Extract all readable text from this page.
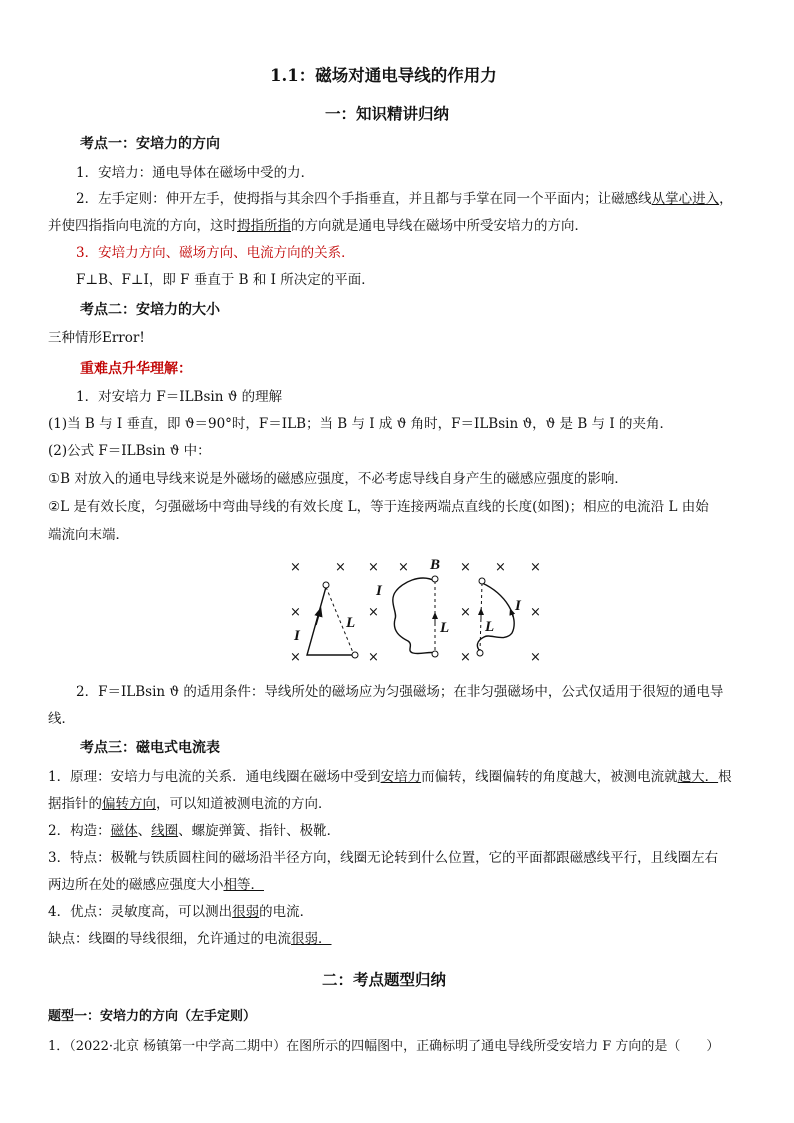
1.1：磁场对通电导线的作用力
一：知识精讲归纳
考点一：安培力的方向
1．安培力：通电导体在磁场中受的力．
2．左手定则：伸开左手，使拇指与其余四个手指垂直，并且都与手掌在同一个平面内；让磁感线从掌心进入，
并使四指指向电流的方向，这时拇指所指的方向就是通电导线在磁场中所受安培力的方向．
3．安培力方向、磁场方向、电流方向的关系．
F⊥B、F⊥I，即 F 垂直于 B 和 I 所决定的平面．
考点二：安培力的大小
三种情形Error!
重难点升华理解：
1．对安培力 F＝ILBsin ϑ 的理解
(1)当 B 与 I 垂直，即 ϑ＝90°时，F＝ILB；当 B 与 I 成 ϑ 角时，F＝ILBsin ϑ，ϑ 是 B 与 I 的夹角．
(2)公式 F＝ILBsin ϑ 中：
①B 对放入的通电导线来说是外磁场的磁感应强度，不必考虑导线自身产生的磁感应强度的影响．
②L 是有效长度，匀强磁场中弯曲导线的有效长度 L，等于连接两端点直线的长度(如图)；相应的电流沿 L 由始
端流向末端．
×	× × ×	× × ×
×	×	×	×
×	×	×	×
I
L
B
I
L
I
L
2．F＝ILBsin ϑ 的适用条件：导线所处的磁场应为匀强磁场；在非匀强磁场中，公式仅适用于很短的通电导
线．
考点三：磁电式电流表
1．原理：安培力与电流的关系．通电线圈在磁场中受到安培力而偏转，线圈偏转的角度越大，被测电流就越大．根
据指针的偏转方向，可以知道被测电流的方向．
2．构造：磁体、线圈、螺旋弹簧、指针、极靴．
3．特点：极靴与铁质圆柱间的磁场沿半径方向，线圈无论转到什么位置，它的平面都跟磁感线平行，且线圈左右
两边所在处的磁感应强度大小相等．
4．优点：灵敏度高，可以测出很弱的电流．
缺点：线圈的导线很细，允许通过的电流很弱．
二：考点题型归纳
题型一：安培力的方向（左手定则）
1．（2022·北京 杨镇第一中学高二期中）在图所示的四幅图中，正确标明了通电导线所受安培力 F 方向的是（　　）
